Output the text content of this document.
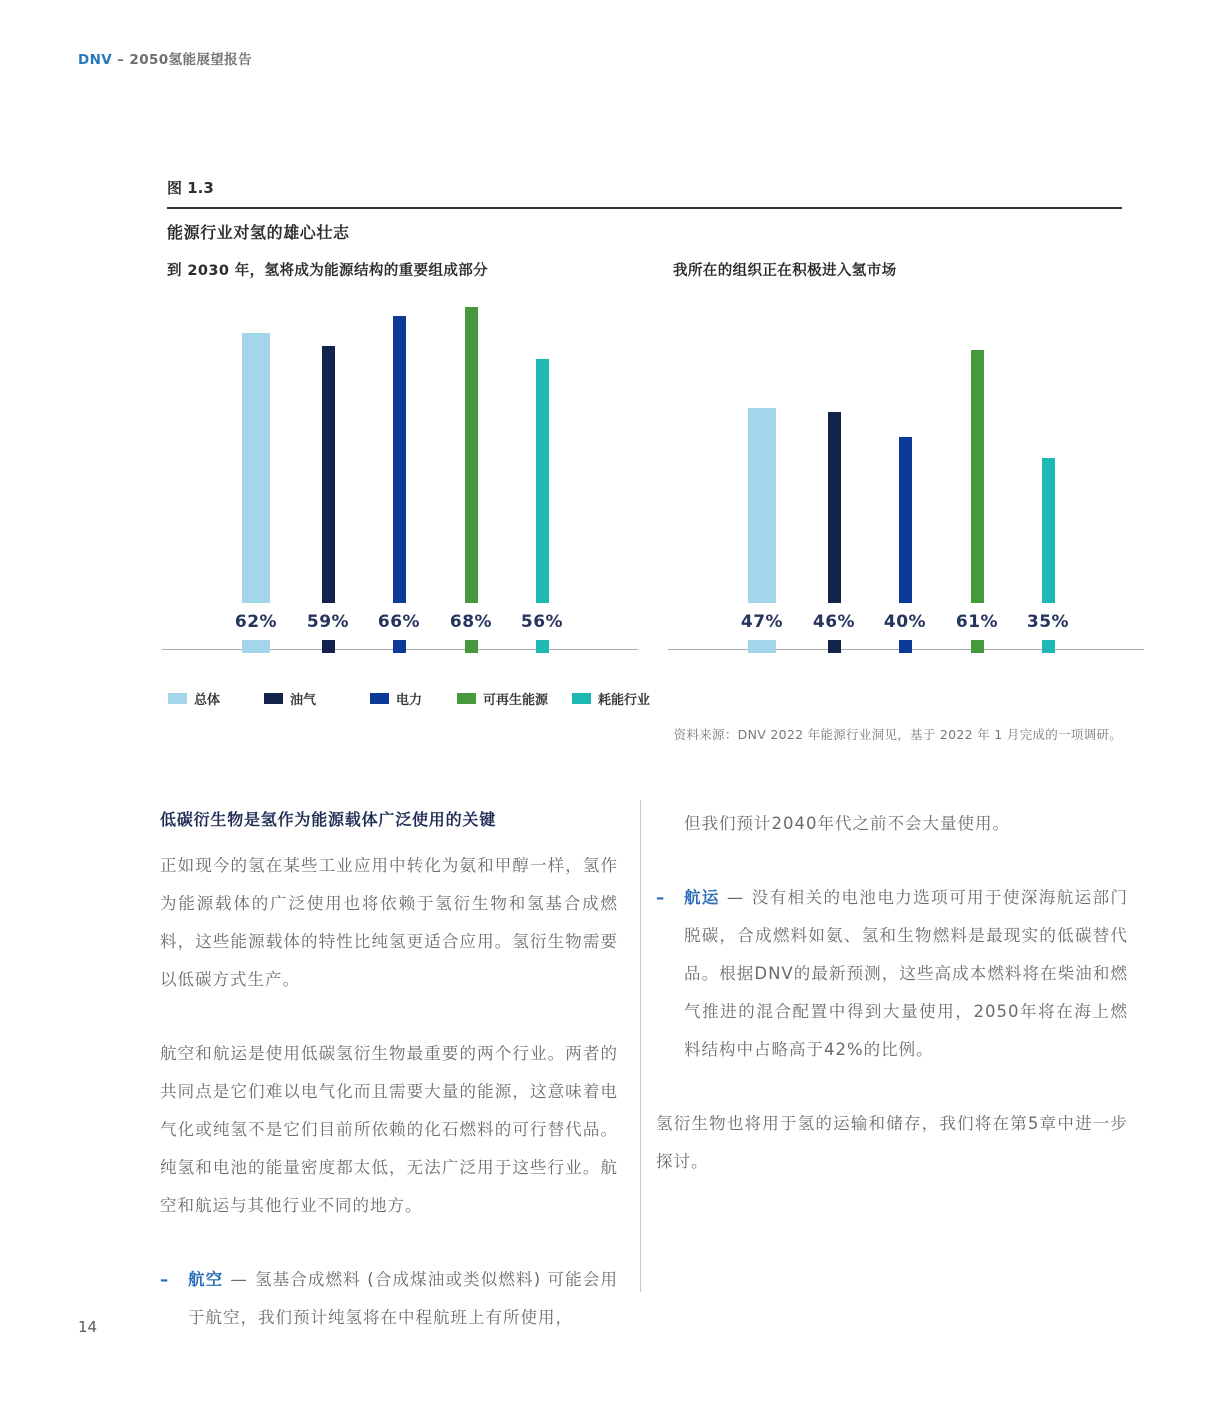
DNV – 2050氢能展望报告
图 1.3
能源行业对氢的雄心壮志
到 2030 年，氢将成为能源结构的重要组成部分	我所在的组织正在积极进入氢市场
62% 59% 66% 68% 56%	47% 46% 40% 61% 35%
总体	油气	电力	可再生能源	耗能行业
资料来源：DNV 2022 年能源行业洞见，基于 2022 年 1 月完成的一项调研。
低碳衍生物是氢作为能源载体广泛使用的关键

正如现今的氢在某些工业应用中转化为氨和甲醇一样，氢作为能源载体的广泛使用也将依赖于氢衍生物和氢基合成燃料，这些能源载体的特性比纯氢更适合应用。氢衍生物需要以低碳方式生产。

航空和航运是使用低碳氢衍生物最重要的两个行业。两者的共同点是它们难以电气化而且需要大量的能源，这意味着电气化或纯氢不是它们目前所依赖的化石燃料的可行替代品。纯氢和电池的能量密度都太低，无法广泛用于这些行业。航空和航运与其他行业不同的地方。

– 航空 — 氢基合成燃料 (合成煤油或类似燃料) 可能会用于航空，我们预计纯氢将在中程航班上有所使用，

但我们预计2040年代之前不会大量使用。

– 航运 — 没有相关的电池电力选项可用于使深海航运部门脱碳，合成燃料如氨、氢和生物燃料是最现实的低碳替代品。根据DNV的最新预测，这些高成本燃料将在柴油和燃气推进的混合配置中得到大量使用，2050年将在海上燃料结构中占略高于42%的比例。

氢衍生物也将用于氢的运输和储存，我们将在第5章中进一步探讨。

14
